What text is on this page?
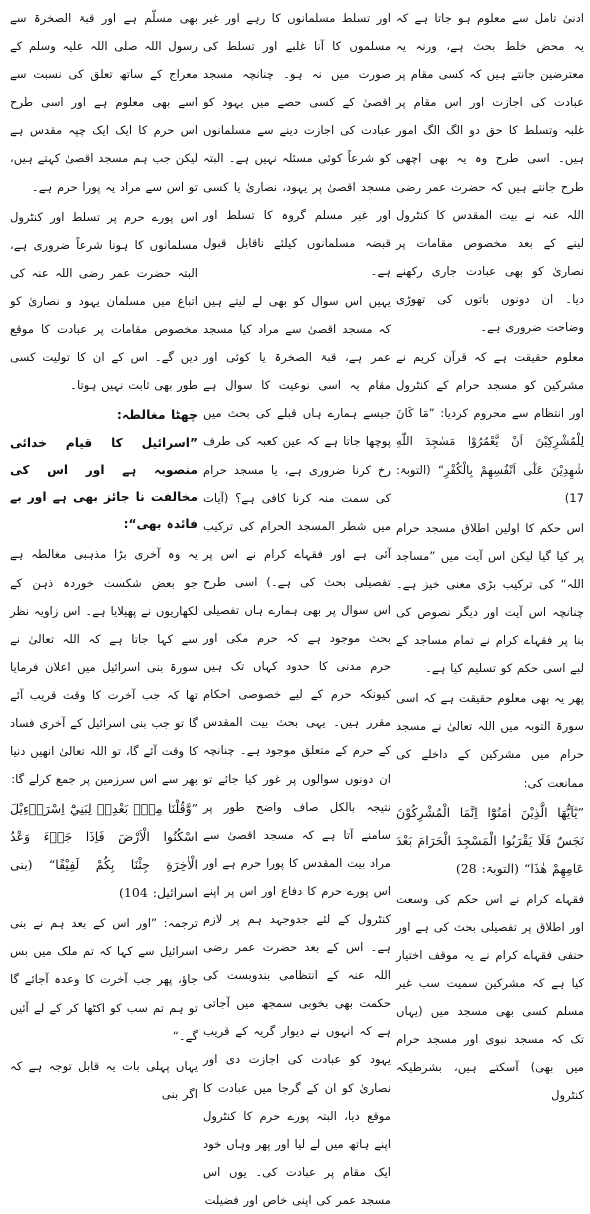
ادنیٰ تامل سے معلوم ہو جاتا ہے کہ یہ محض خلط بحث ہے، ورنہ یہ معترضین جانتے ہیں کہ کسی مقام پر عبادت کی اجازت اور اس مقام پر غلبہ وتسلط کا حق دو الگ الگ امور ہیں۔ اسی طرح وہ یہ بھی اچھی طرح جانتے ہیں کہ حضرت عمر رضی اللہ عنہ نے بیت المقدس کا کنٹرول لینے کے بعد مخصوص مقامات پر نصاریٰ کو بھی عبادت جاری رکھنے دیا۔ ان دونوں باتوں کی تھوڑی وضاحت ضروری ہے۔
معلوم حقیقت ہے کہ قرآن کریم نے مشرکین کو مسجد حرام کے کنٹرول اور انتظام سے محروم کردیا: ”مَا كَانَ لِلْمُشْرِكِيْنَ اَنْ يَّعْمُرُوْا مَسٰجِدَ اللّٰهِ شٰهِدِيْنَ عَلٰٓى اَنْفُسِهِمْ بِالْكُفْرِ“ (التوبۃ: 17)
اس حکم کا اولین اطلاق مسجد حرام پر کیا گیا لیکن اس آیت میں ”مساجد اللہ“ کی ترکیب بڑی معنی خیز ہے۔ چنانچہ اس آیت اور دیگر نصوص کی بنا پر فقہاے کرام نے تمام مساجد کے لیے اسی حکم کو تسلیم کیا ہے۔
پھر یہ بھی معلوم حقیقت ہے کہ اسی سورۃ التوبہ میں اللہ تعالیٰ نے مسجد حرام میں مشرکین کے داخلے کی ممانعت کی:
”يٰٓاَيُّهَا الَّذِيْنَ اٰمَنُوْٓا اِنَّمَا الْمُشْرِكُوْنَ نَجَسٌ فَلَا يَقْرَبُوا الْمَسْجِدَ الْحَرَامَ بَعْدَ عَامِهِمْ هٰذَا“ (التوبۃ: 28)
فقہاے کرام نے اس حکم کی وسعت اور اطلاق پر تفصیلی بحث کی ہے اور حنفی فقہاے کرام نے یہ موقف اختیار کیا ہے کہ مشرکین سمیت سب غیر مسلم کسی بھی مسجد میں (یہاں تک کہ مسجد نبوی اور مسجد حرام میں بھی) آسکتے ہیں، بشرطیکہ کنٹرول
اور تسلط مسلمانوں کا رہے اور غیر مسلموں کا آنا غلبے اور تسلط کی صورت میں نہ ہو۔ چنانچہ مسجد اقصیٰ کے کسی حصے میں یہود کو عبادت کی اجازت دینے سے مسلمانوں کو شرعاً کوئی مسئلہ نہیں ہے۔ البتہ مسجد اقصیٰ پر یہود، نصاریٰ یا کسی اور غیر مسلم گروہ کا تسلط اور قبضہ مسلمانوں کیلئے ناقابل قبول ہے۔
یہیں اس سوال کو بھی لے لیتے ہیں کہ مسجد اقصیٰ سے مراد کیا مسجد عمر ہے، قبۃ الصخرۃ یا کوئی اور مقام یہ اسی نوعیت کا سوال ہے جیسے ہمارے ہاں قبلے کی بحث میں پوچھا جاتا ہے کہ عین کعبہ کی طرف رخ کرنا ضروری ہے، یا مسجد حرام کی سمت منہ کرنا کافی ہے؟ (آیات میں شطر المسجد الحرام کی ترکیب آئی ہے اور فقہاے کرام نے اس پر تفصیلی بحث کی ہے۔) اسی طرح اس سوال پر بھی ہمارے ہاں تفصیلی بحث موجود ہے کہ حرم مکی اور حرم مدنی کا حدود کہاں تک ہیں کیونکہ حرم کے لیے خصوصی احکام مقرر ہیں۔ یہی بحث بیت المقدس کے حرم کے متعلق موجود ہے۔ چنانچہ ان دونوں سوالوں پر غور کیا جائے تو نتیجہ بالکل صاف واضح طور پر سامنے آتا ہے کہ مسجد اقصیٰ سے مراد بیت المقدس کا پورا حرم ہے اور اس پورے حرم کا دفاع اور اس پر اپنے کنٹرول کے لئے جدوجہد ہم پر لازم ہے۔ اس کے بعد حضرت عمر رضی اللہ عنہ کے انتظامی بندوبست کی حکمت بھی بخوبی سمجھ میں آجاتی ہے کہ انہوں نے دیوار گریہ کے قریب یہود کو عبادت کی اجازت دی اور نصاریٰ کو ان کے گرجا میں عبادت کا موقع دیا، البتہ پورے حرم کا کنٹرول اپنے ہاتھ میں لے لیا اور پھر وہاں خود ایک مقام پر عبادت کی۔ یوں اس مسجد عمر کی اپنی خاص اور فضیلت
بھی مسلّم ہے اور قبۃ الصخرۃ سے رسول اللہ صلی اللہ علیہ وسلم کے معراج کے ساتھ تعلق کی نسبت سے اسے بھی معلوم ہے اور اسی طرح اس حرم کا ایک ایک چپہ مقدس ہے لیکن جب ہم مسجد اقصیٰ کہتے ہیں، تو اس سے مراد یہ پورا حرم ہے۔
اس پورے حرم پر تسلط اور کنٹرول مسلمانوں کا ہونا شرعاً ضروری ہے، البتہ حضرت عمر رضی اللہ عنہ کی اتباع میں مسلمان یہود و نصاریٰ کو مخصوص مقامات پر عبادت کا موقع دیں گے۔ اس کے ان کا تولیت کسی طور بھی ثابت نہیں ہوتا۔
چھٹا مغالطہ:
”اسرائیل کا قیام خدائی منصوبہ ہے اور اس کی مخالفت نا جائز بھی ہے اور بے فائدہ بھی“:
یہ وہ آخری بڑا مذہبی مغالطہ ہے جو بعض شکست خوردہ ذہن کے لکھاریوں نے پھیلایا ہے۔ اس زاویہ نظر سے کہا جاتا ہے کہ اللہ تعالیٰ نے سورۃ بنی اسرائیل میں اعلان فرمایا تھا کہ جب آخرت کا وقت قریب آئے گا تو جب بنی اسرائیل کے آخری فساد کا وقت آئے گا، تو اللہ تعالیٰ انھیں دنیا بھر سے اس سرزمین پر جمع کرلے گا:
”وَّقُلْنَا مِنْۢ بَعْدِهٖ لِبَنِيْٓ اِسْرَاۗءِيْلَ اسْكُنُوا الْاَرْضَ فَاِذَا جَاۗءَ وَعْدُ الْاٰخِرَةِ جِئْنَا بِكُمْ لَفِيْفًا“ (بنی اسرائیل: 104)
ترجمہ: ”اور اس کے بعد ہم نے بنی اسرائیل سے کہا کہ تم ملک میں بس جاؤ، پھر جب آخرت کا وعدہ آجائے گا تو ہم تم سب کو اکٹھا کر کے لے آئیں گے۔“
یہاں پہلی بات یہ قابل توجہ ہے کہ اگر بنی
